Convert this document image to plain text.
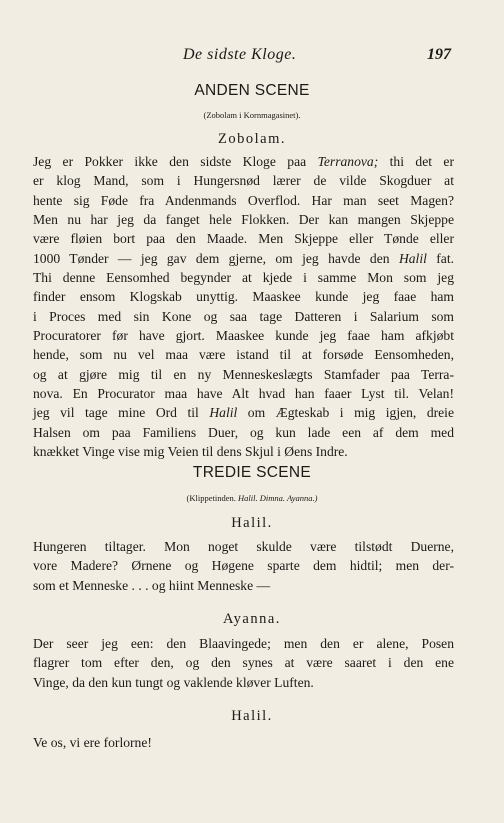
De sidste Kloge.	197
ANDEN SCENE
(Zobolam i Kornmagasinet).
Zobolam.
Jeg er Pokker ikke den sidste Kloge paa Terranova; thi det er
er klog Mand, som i Hungersnød lærer de vilde Skogduer at
hente sig Føde fra Andenmands Overflod. Har man seet Magen?
Men nu har jeg da fanget hele Flokken. Der kan mangen Skjeppe
være fløien bort paa den Maade. Men Skjeppe eller Tønde eller
1000 Tønder — jeg gav dem gjerne, om jeg havde den Halil fat.
Thi denne Eensomhed begynder at kjede i samme Mon som jeg
finder ensom Klogskab unyttig. Maaskee kunde jeg faae ham
i Proces med sin Kone og saa tage Datteren i Salarium som
Procuratorer før have gjort. Maaskee kunde jeg faae ham afkjøbt
hende, som nu vel maa være istand til at forsøde Eensomheden,
og at gjøre mig til en ny Menneskeslægts Stamfader paa Terra-
nova. En Procurator maa have Alt hvad han faaer Lyst til. Velan!
jeg vil tage mine Ord til Halil om Ægteskab i mig igjen, dreie
Halsen om paa Familiens Duer, og kun lade een af dem med
knækket Vinge vise mig Veien til dens Skjul i Øens Indre.
TREDIE SCENE
(Klippetinden. Halil. Dimna. Ayanna.)
Halil.
Hungeren tiltager. Mon noget skulde være tilstødt Duerne,
vore Madere? Ørnene og Høgene sparte dem hidtil; men der-
som et Menneske . . . og hiint Menneske —
Ayanna.
Der seer jeg een: den Blaavingede; men den er alene, Posen
flagrer tom efter den, og den synes at være saaret i den ene
Vinge, da den kun tungt og vaklende kløver Luften.
Halil.
Ve os, vi ere forlorne!
